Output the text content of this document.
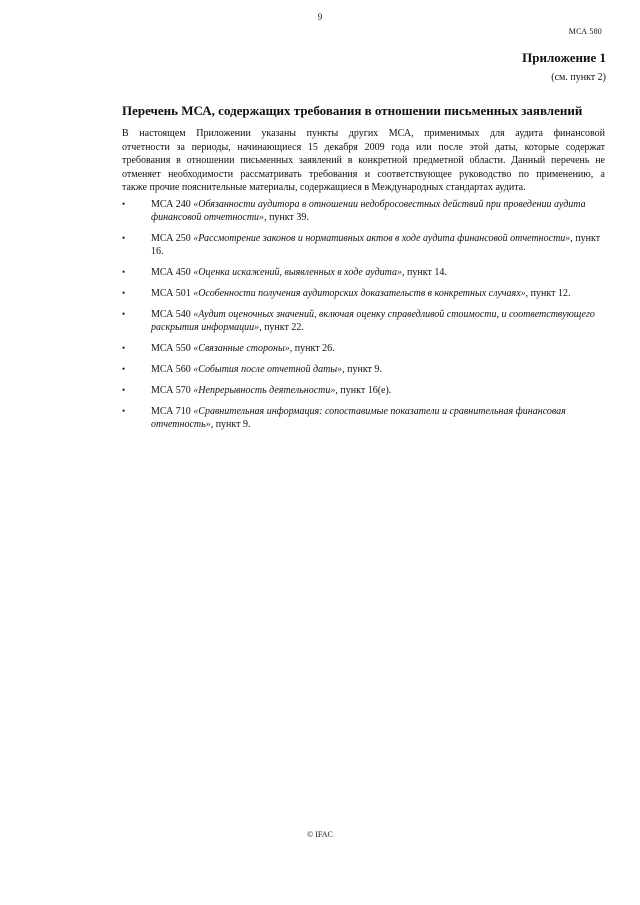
9
МСА 580
Приложение 1
(см. пункт 2)
Перечень МСА, содержащих требования в отношении письменных заявлений
В настоящем Приложении указаны пункты других МСА, применимых для аудита финансовой
отчетности за периоды, начинающиеся 15 декабря 2009 года или после этой даты, которые содержат
требования в отношении письменных заявлений в конкретной предметной области. Данный перечень не
отменяет необходимости рассматривать требования и соответствующее руководство по применению, а
также прочие пояснительные материалы, содержащиеся в Международных стандартах аудита.
•	МСА 240 «Обязанности аудитора в отношении недобросовестных действий при проведении аудита финансовой отчетности», пункт 39.
•	МСА 250 «Рассмотрение законов и нормативных актов в ходе аудита финансовой отчетности», пункт 16.
•	МСА 450 «Оценка искажений, выявленных в ходе аудита», пункт 14.
•	МСА 501 «Особенности получения аудиторских доказательств в конкретных случаях», пункт 12.
•	МСА 540 «Аудит оценочных значений, включая оценку справедливой стоимости, и соответствующего раскрытия информации», пункт 22.
•	МСА 550 «Связанные стороны», пункт 26.
•	МСА 560 «События после отчетной даты», пункт 9.
•	МСА 570 «Непрерывность деятельности», пункт 16(e).
•	МСА 710 «Сравнительная информация: сопоставимые показатели и сравнительная финансовая отчетность», пункт 9.
© IFAC
